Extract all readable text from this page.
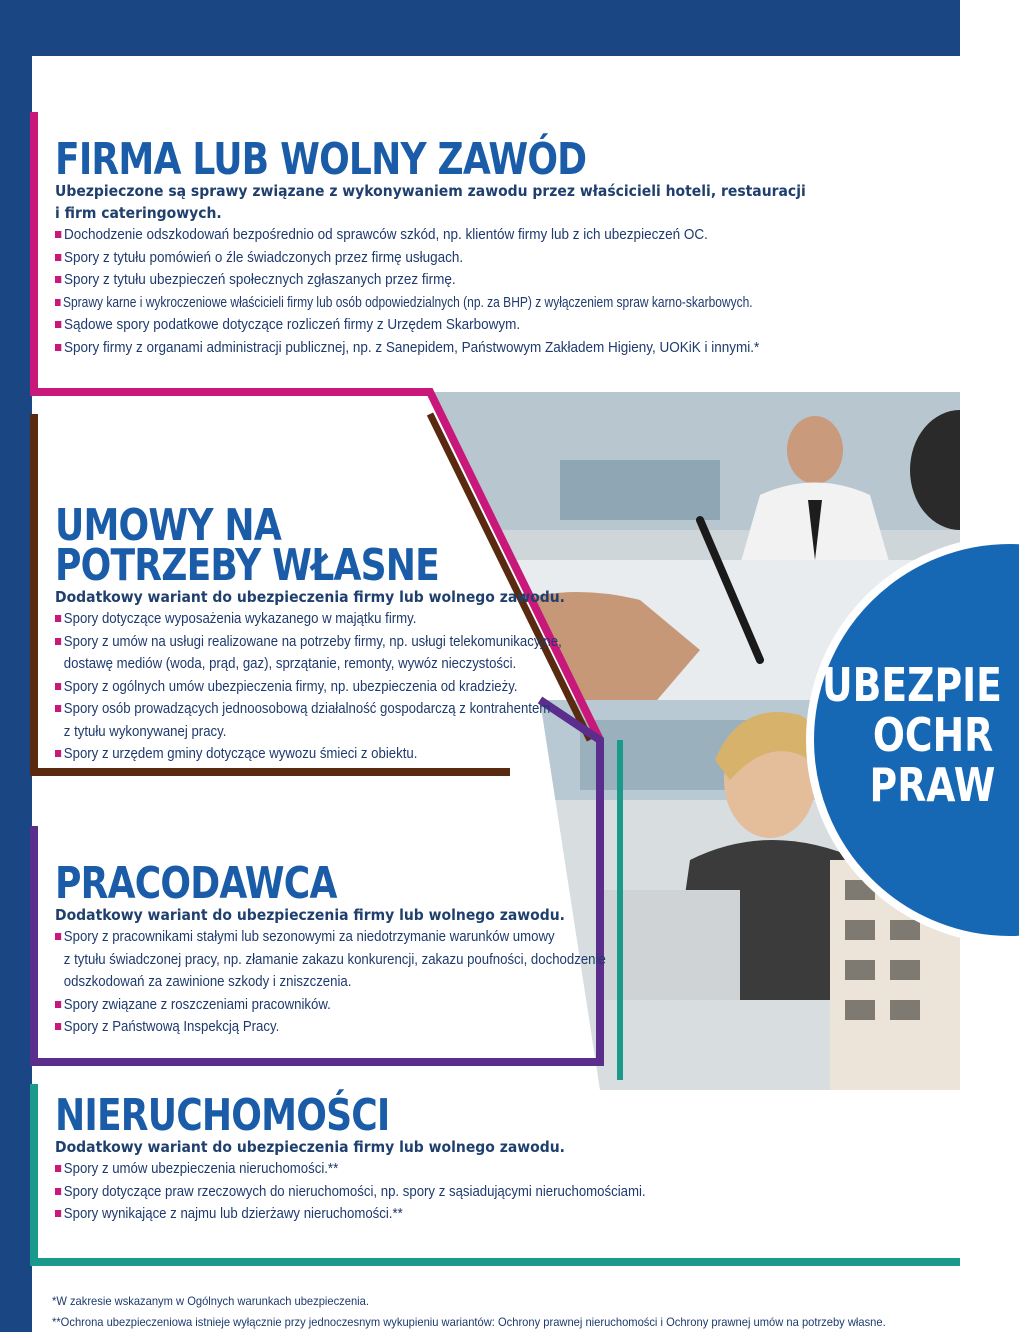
FIRMA LUB WOLNY ZAWÓD
Ubezpieczone są sprawy związane z wykonywaniem zawodu przez właścicieli hoteli, restauracji
i firm cateringowych.
Dochodzenie odszkodowań bezpośrednio od sprawców szkód, np. klientów firmy lub z ich ubezpieczeń OC.
Spory z tytułu pomówień o źle świadczonych przez firmę usługach.
Spory z tytułu ubezpieczeń społecznych zgłaszanych przez firmę.
Sprawy karne i wykroczeniowe właścicieli firmy lub osób odpowiedzialnych (np. za BHP) z wyłączeniem spraw karno-skarbowych.
Sądowe spory podatkowe dotyczące rozliczeń firmy z Urzędem Skarbowym.
Spory firmy z organami administracji publicznej, np. z Sanepidem, Państwowym Zakładem Higieny, UOKiK i innymi.*
UMOWY NA
POTRZEBY WŁASNE
Dodatkowy wariant do ubezpieczenia firmy lub wolnego zawodu.
Spory dotyczące wyposażenia wykazanego w majątku firmy.
Spory z umów na usługi realizowane na potrzeby firmy, np. usługi telekomunikacyjne,
dostawę mediów (woda, prąd, gaz), sprzątanie, remonty, wywóz nieczystości.
Spory z ogólnych umów ubezpieczenia firmy, np. ubezpieczenia od kradzieży.
Spory osób prowadzących jednoosobową działalność gospodarczą z kontrahentem
z tytułu wykonywanej pracy.
Spory z urzędem gminy dotyczące wywozu śmieci z obiektu.
PRACODAWCA
Dodatkowy wariant do ubezpieczenia firmy lub wolnego zawodu.
Spory z pracownikami stałymi lub sezonowymi za niedotrzymanie warunków umowy
z tytułu świadczonej pracy, np. złamanie zakazu konkurencji, zakazu poufności, dochodzenie
odszkodowań za zawinione szkody i zniszczenia.
Spory związane z roszczeniami pracowników.
Spory z Państwową Inspekcją Pracy.
NIERUCHOMOŚCI
Dodatkowy wariant do ubezpieczenia firmy lub wolnego zawodu.
Spory z umów ubezpieczenia nieruchomości.**
Spory dotyczące praw rzeczowych do nieruchomości, np. spory z sąsiadującymi nieruchomościami.
Spory wynikające z najmu lub dzierżawy nieruchomości.**
UBEZPIE
OCHR
PRAW
*W zakresie wskazanym w Ogólnych warunkach ubezpieczenia.
**Ochrona ubezpieczeniowa istnieje wyłącznie przy jednoczesnym wykupieniu wariantów: Ochrony prawnej nieruchomości i Ochrony prawnej umów na potrzeby własne.
